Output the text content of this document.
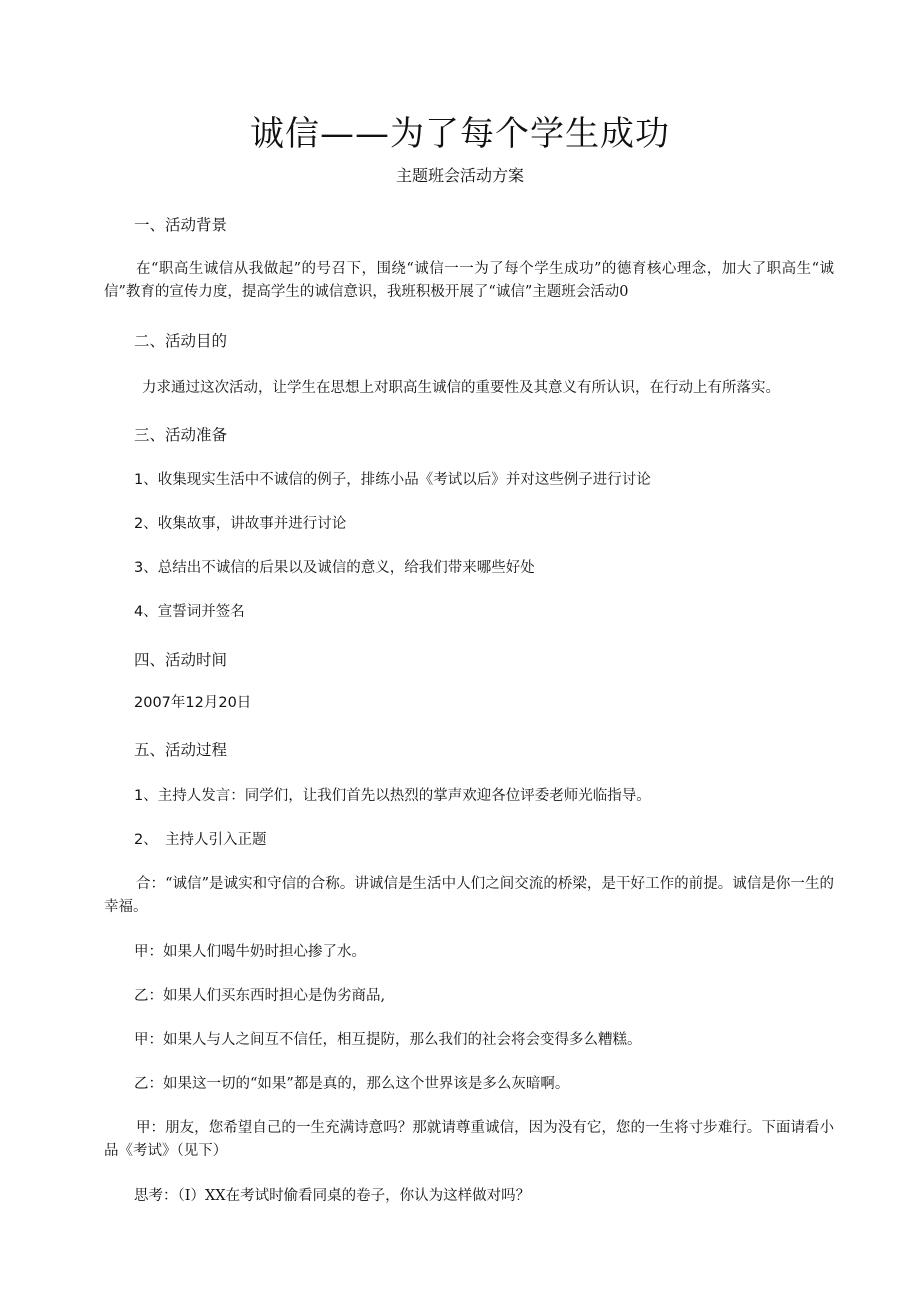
诚信——为了每个学生成功

主题班会活动方案

一、活动背景

在“职高生诚信从我做起”的号召下，围绕“诚信一一为了每个学生成功”的德育核心理念，加大了职高生“诚信”教育的宣传力度，提高学生的诚信意识，我班积极开展了“诚信”主题班会活动0

二、活动目的

力求通过这次活动，让学生在思想上对职高生诚信的重要性及其意义有所认识，在行动上有所落实。

三、活动准备

1、收集现实生活中不诚信的例子，排练小品《考试以后》并对这些例子进行讨论

2、收集故事，讲故事并进行讨论

3、总结出不诚信的后果以及诚信的意义，给我们带来哪些好处

4、宣誓词并签名

四、活动时间

2007年12月20日

五、活动过程

1、主持人发言：同学们，让我们首先以热烈的掌声欢迎各位评委老师光临指导。

2、　主持人引入正题

合：“诚信”是诚实和守信的合称。讲诚信是生活中人们之间交流的桥梁，是干好工作的前提。诚信是你一生的幸福。

甲：如果人们喝牛奶时担心掺了水。

乙：如果人们买东西时担心是伪劣商品,

甲：如果人与人之间互不信任，相互提防，那么我们的社会将会变得多么糟糕。

乙：如果这一切的“如果”都是真的，那么这个世界该是多么灰暗啊。

甲：朋友，您希望自己的一生充满诗意吗？那就请尊重诚信，因为没有它，您的一生将寸步难行。下面请看小品《考试》（见下）

思考：（I）XX在考试时偷看同桌的卷子，你认为这样做对吗？
